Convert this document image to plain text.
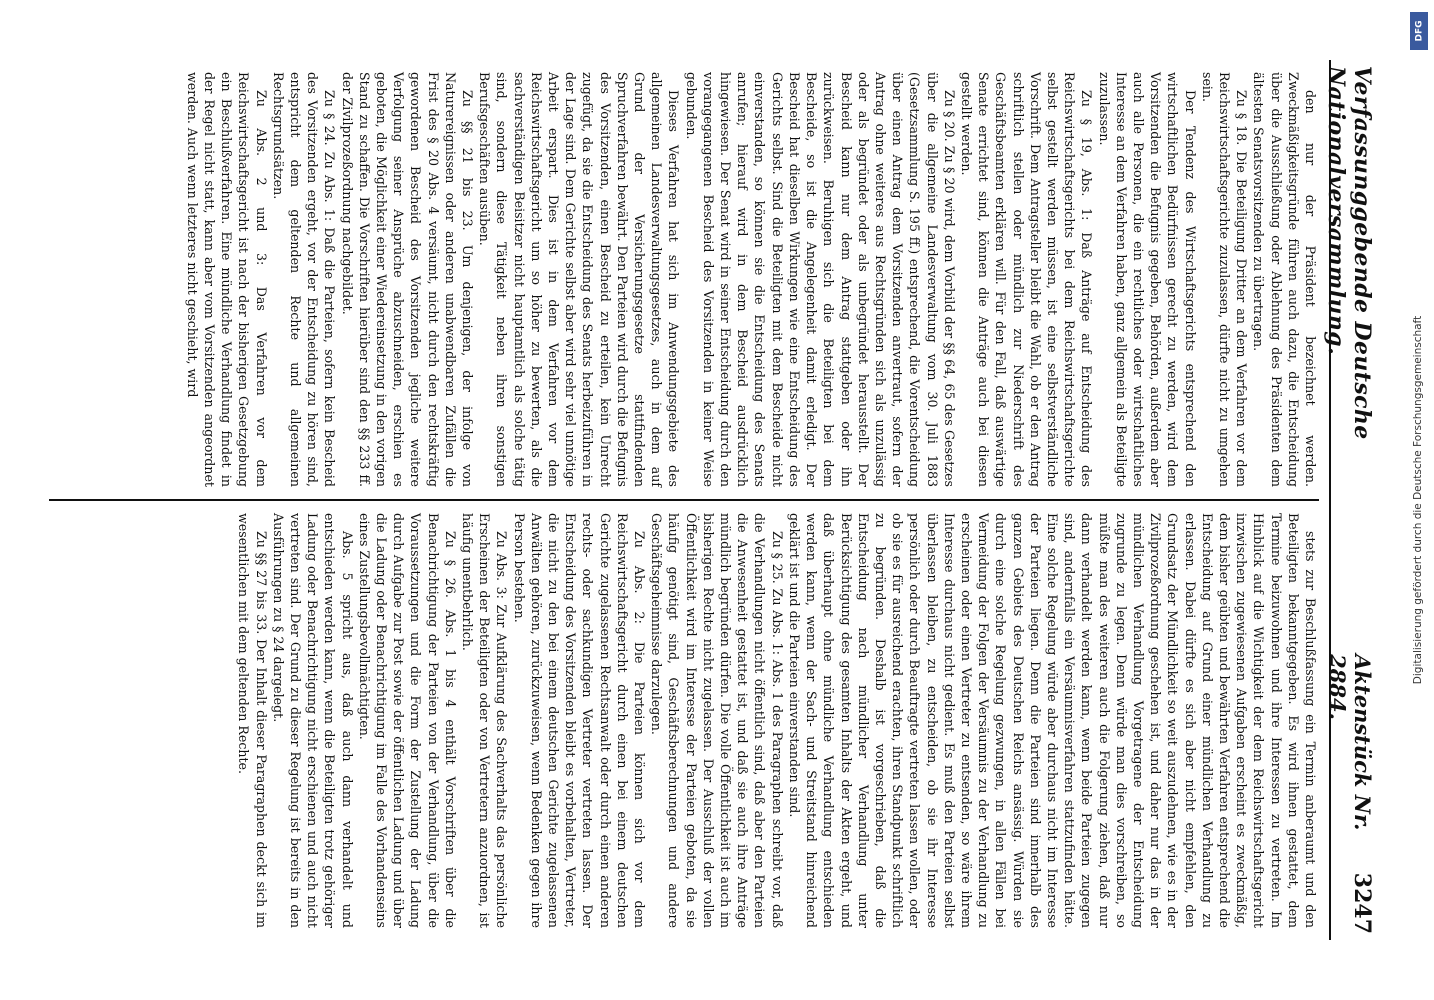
Verfassunggebende Deutsche Nationalversammlung.
Aktenstück Nr. 2884.
3247

den nur der Präsident bezeichnet werden. Zweckmäßigkeitsgründe führen auch dazu, die Entscheidung über die Ausschließung oder Ablehnung des Präsidenten dem ältesten Senatsvorsitzenden zu übertragen.

Zu § 18. Die Beteiligung Dritter an dem Verfahren vor dem Reichswirtschaftsgerichte zuzulassen, dürfte nicht zu umgehen sein.

Der Tendenz des Wirtschaftsgerichts entsprechend den wirtschaftlichen Bedürfnissen gerecht zu werden, wird dem Vorsitzenden die Befugnis gegeben, Behörden, außerdem aber auch alle Personen, die ein rechtliches oder wirtschaftliches Interesse an dem Verfahren haben, ganz allgemein als Beteiligte zuzulassen.

Zu § 19, Abs. 1: Daß Anträge auf Entscheidung des Reichswirtschaftsgerichts bei dem Reichswirtschaftsgerichte selbst gestellt werden müssen, ist eine selbstverständliche Vorschrift. Dem Antragsteller bleibt die Wahl, ob er den Antrag schriftlich stellen oder mündlich zur Niederschrift des Geschäftsbeamten erklären will. Für den Fall, daß auswärtige Senate errichtet sind, können die Anträge auch bei diesen gestellt werden.

Zu § 20. Zu § 20 wird, dem Vorbild der §§ 64, 65 des Gesetzes über die allgemeine Landesverwaltung vom 30. Juli 1883 (Gesetzsammlung S. 195 ff.) entsprechend, die Vorentscheidung über einen Antrag dem Vorsitzenden anvertraut, sofern der Antrag ohne weiteres aus Rechtsgründen sich als unzulässig oder als begründet oder als unbegründet herausstellt. Der Bescheid kann nur dem Antrag stattgeben oder ihn zurückweisen. Beruhigen sich die Beteiligten bei dem Bescheide, so ist die Angelegenheit damit erledigt. Der Bescheid hat dieselben Wirkungen wie eine Entscheidung des Gerichts selbst. Sind die Beteiligten mit dem Bescheide nicht einverstanden, so können sie die Entscheidung des Senats anrufen; hierauf wird in dem Bescheid ausdrücklich hingewiesen. Der Senat wird in seiner Entscheidung durch den vorangegangenen Bescheid des Vorsitzenden in keiner Weise gebunden.

Dieses Verfahren hat sich im Anwendungsgebiete des allgemeinen Landesverwaltungsgesetzes, auch in dem auf Grund der Versicherungsgesetze stattfindenden Spruchverfahren bewährt. Den Parteien wird durch die Befugnis des Vorsitzenden, einen Bescheid zu erteilen, kein Unrecht zugefügt, da sie die Entscheidung des Senats herbeizuführen in der Lage sind. Dem Gerichte selbst aber wird sehr viel unnötige Arbeit erspart. Dies ist in dem Verfahren vor dem Reichswirtschaftsgericht um so höher zu bewerten, als die sachverständigen Beisitzer nicht hauptamtlich als solche tätig sind, sondern diese Tätigkeit neben ihren sonstigen Berufsgeschäften ausüben.

Zu §§ 21 bis 23. Um denjenigen, der infolge von Naturereignissen oder anderen unabwendbaren Zufällen die Frist des § 20 Abs. 4 versäumt, nicht durch den rechtskräftig gewordenen Bescheid des Vorsitzenden jegliche weitere Verfolgung seiner Ansprüche abzuschneiden, erschien es geboten, die Möglichkeit einer Wiedereinsetzung in den vorigen Stand zu schaffen. Die Vorschriften hierüber sind den §§ 233 ff. der Zivilprozeßordnung nachgebildet.

Zu § 24. Zu Abs. 1: Daß die Parteien, sofern kein Bescheid des Vorsitzenden ergeht, vor der Entscheidung zu hören sind, entspricht dem geltenden Rechte und allgemeinen Rechtsgrundsätzen.

Zu Abs. 2 und 3: Das Verfahren vor dem Reichswirtschaftsgericht ist nach der bisherigen Gesetzgebung ein Beschlußverfahren. Eine mündliche Verhandlung findet in der Regel nicht statt, kann aber vom Vorsitzenden angeordnet werden. Auch wenn letzteres nicht geschieht, wird

stets zur Beschlußfassung ein Termin anberaumt und den Beteiligten bekanntgegeben. Es wird ihnen gestattet, dem Termine beizuwohnen und ihre Interessen zu vertreten. Im Hinblick auf die Wichtigkeit der dem Reichswirtschaftsgericht inzwischen zugewiesenen Aufgaben erscheint es zweckmäßig, dem bisher geübten und bewährten Verfahren entsprechend die Entscheidung auf Grund einer mündlichen Verhandlung zu erlassen. Dabei dürfte es sich aber nicht empfehlen, den Grundsatz der Mündlichkeit so weit auszudehnen, wie es in der Zivilprozeßordnung geschehen ist, und daher nur das in der mündlichen Verhandlung Vorgetragene der Entscheidung zugrunde zu legen. Denn würde man dies vorschreiben, so müßte man des weiteren auch die Folgerung ziehen, daß nur dann verhandelt werden kann, wenn beide Parteien zugegen sind, andernfalls ein Versäumnisverfahren stattzufinden hätte. Eine solche Regelung würde aber durchaus nicht im Interesse der Parteien liegen. Denn die Parteien sind innerhalb des ganzen Gebiets des Deutschen Reichs ansässig. Würden sie durch eine solche Regelung gezwungen, in allen Fällen bei Vermeidung der Folgen der Versäumnis zu der Verhandlung zu erscheinen oder einen Vertreter zu entsenden, so wäre ihrem Interesse durchaus nicht gedient. Es muß den Parteien selbst überlassen bleiben, zu entscheiden, ob sie ihr Interesse persönlich oder durch Beauftragte vertreten lassen wollen, oder ob sie es für ausreichend erachten, ihren Standpunkt schriftlich zu begründen. Deshalb ist vorgeschrieben, daß die Entscheidung nach mündlicher Verhandlung unter Berücksichtigung des gesamten Inhalts der Akten ergeht, und daß überhaupt ohne mündliche Verhandlung entschieden werden kann, wenn der Sach- und Streitstand hinreichend geklärt ist und die Parteien einverstanden sind.

Zu § 25. Zu Abs. 1: Abs. 1 des Paragraphen schreibt vor, daß die Verhandlungen nicht öffentlich sind, daß aber den Parteien die Anwesenheit gestattet ist, und daß sie auch ihre Anträge mündlich begründen dürfen. Die volle Öffentlichkeit ist auch im bisherigen Rechte nicht zugelassen. Der Ausschluß der vollen Öffentlichkeit wird im Interesse der Parteien geboten, da sie häufig genötigt sind, Geschäftsberechnungen und andere Geschäftsgeheimnisse darzulegen.

Zu Abs. 2: Die Parteien können sich vor dem Reichswirtschaftsgericht durch einen bei einem deutschen Gerichte zugelassenen Rechtsanwalt oder durch einen anderen rechts- oder sachkundigen Vertreter vertreten lassen. Der Entscheidung des Vorsitzenden bleibt es vorbehalten, Vertreter, die nicht zu den bei einem deutschen Gerichte zugelassenen Anwälten gehören, zurückzuweisen, wenn Bedenken gegen ihre Person bestehen.

Zu Abs. 3: Zur Aufklärung des Sachverhalts das persönliche Erscheinen der Beteiligten oder von Vertretern anzuordnen, ist häufig unentbehrlich.

Zu § 26. Abs. 1 bis 4 enthält Vorschriften über die Benachrichtigung der Parteien von der Verhandlung, über die Voraussetzungen und die Form der Zustellung der Ladung durch Aufgabe zur Post sowie der öffentlichen Ladung und über die Ladung oder Benachrichtigung im Falle des Vorhandenseins eines Zustellungsbevollmächtigten.

Abs. 5 spricht aus, daß auch dann verhandelt und entschieden werden kann, wenn die Beteiligten trotz gehöriger Ladung oder Benachrichtigung nicht erschienen und auch nicht vertreten sind. Der Grund zu dieser Regelung ist bereits in den Ausführungen zu § 24 dargelegt.

Zu §§ 27 bis 33. Der Inhalt dieser Paragraphen deckt sich im wesentlichen mit dem geltenden Rechte.

DFG
Digitalisierung gefördert durch die Deutsche Forschungsgemeinschaft
